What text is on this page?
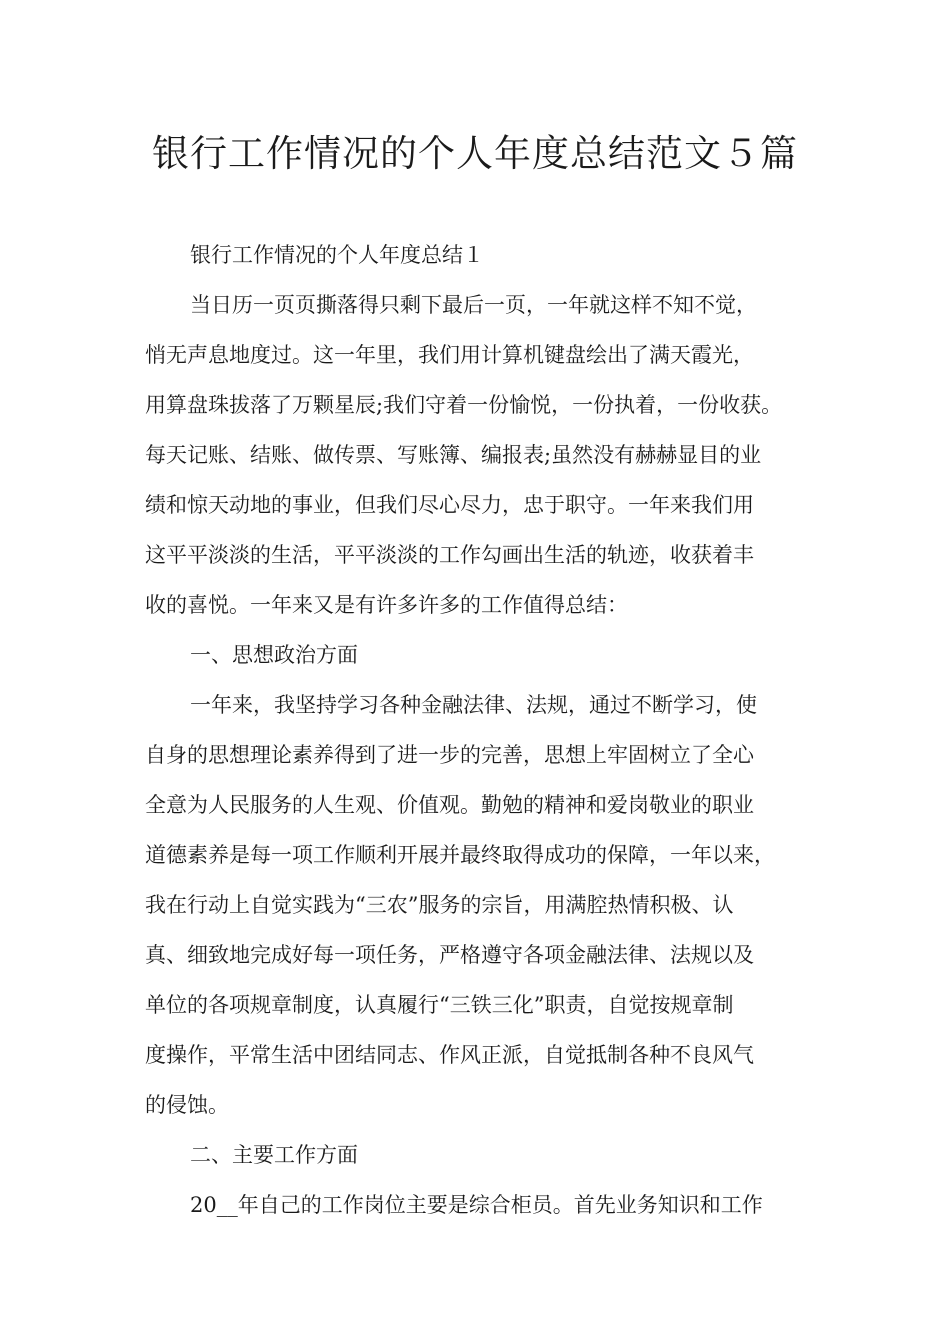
银行工作情况的个人年度总结范文５篇
银行工作情况的个人年度总结１
当日历一页页撕落得只剩下最后一页，一年就这样不知不觉，
悄无声息地度过。这一年里，我们用计算机键盘绘出了满天霞光，
用算盘珠拔落了万颗星辰;我们守着一份愉悦，一份执着，一份收获。
每天记账、结账、做传票、写账簿、编报表;虽然没有赫赫显目的业
绩和惊天动地的事业，但我们尽心尽力，忠于职守。一年来我们用
这平平淡淡的生活，平平淡淡的工作勾画出生活的轨迹，收获着丰
收的喜悦。一年来又是有许多许多的工作值得总结：
一、思想政治方面
一年来，我坚持学习各种金融法律、法规，通过不断学习，使
自身的思想理论素养得到了进一步的完善，思想上牢固树立了全心
全意为人民服务的人生观、价值观。勤勉的精神和爱岗敬业的职业
道德素养是每一项工作顺利开展并最终取得成功的保障，一年以来，
我在行动上自觉实践为“三农”服务的宗旨，用满腔热情积极、认
真、细致地完成好每一项任务，严格遵守各项金融法律、法规以及
单位的各项规章制度，认真履行“三铁三化”职责，自觉按规章制
度操作，平常生活中团结同志、作风正派，自觉抵制各种不良风气
的侵蚀。
二、主要工作方面
20__年自己的工作岗位主要是综合柜员。首先业务知识和工作
